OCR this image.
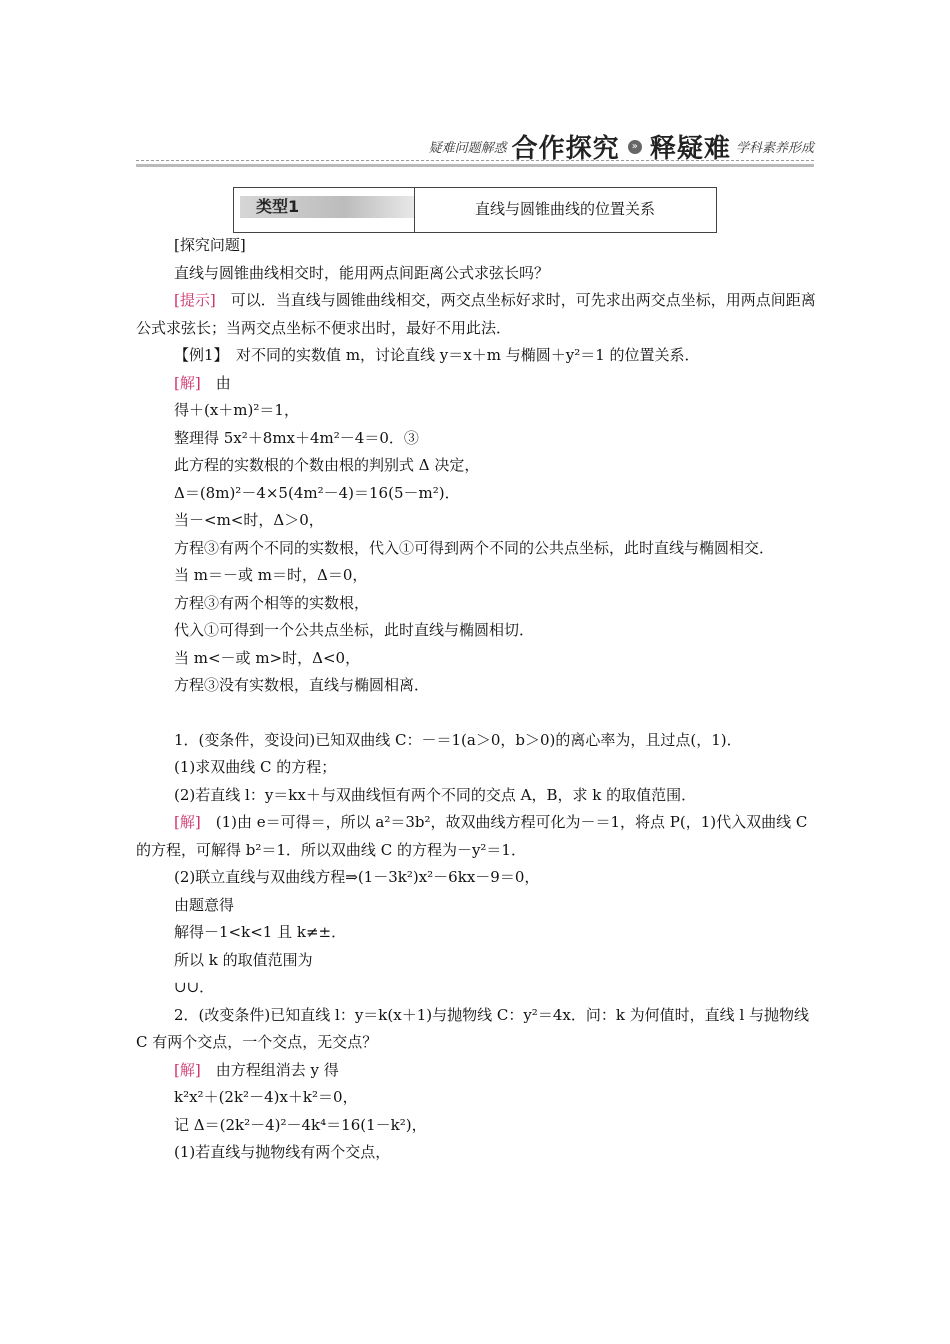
疑难问题解惑 合作探究 » 释疑难 学科素养形成
类型1	直线与圆锥曲线的位置关系

[探究问题]

直线与圆锥曲线相交时，能用两点间距离公式求弦长吗？

[提示]　可以．当直线与圆锥曲线相交，两交点坐标好求时，可先求出两交点坐标，用两点间距离公式求弦长；当两交点坐标不便求出时，最好不用此法．

【例1】　对不同的实数值 m，讨论直线 y＝x＋m 与椭圆＋y²＝1 的位置关系．

[解]　由

得＋(x＋m)²＝1，

整理得 5x²＋8mx＋4m²－4＝0．③

此方程的实数根的个数由根的判别式 Δ 决定，

Δ＝(8m)²－4×5(4m²－4)＝16(5－m²)．

当－<m<时，Δ＞0，

方程③有两个不同的实数根，代入①可得到两个不同的公共点坐标，此时直线与椭圆相交．

当 m＝－或 m＝时，Δ＝0，

方程③有两个相等的实数根，

代入①可得到一个公共点坐标，此时直线与椭圆相切．

当 m<－或 m>时，Δ<0，

方程③没有实数根，直线与椭圆相离．

1．(变条件，变设问)已知双曲线 C：－＝1(a＞0，b＞0)的离心率为，且过点(，1)．

(1)求双曲线 C 的方程；

(2)若直线 l：y＝kx＋与双曲线恒有两个不同的交点 A，B，求 k 的取值范围．

[解]　(1)由 e＝可得＝，所以 a²＝3b²，故双曲线方程可化为－＝1，将点 P(，1)代入双曲线 C 的方程，可解得 b²＝1．所以双曲线 C 的方程为－y²＝1．

(2)联立直线与双曲线方程⇒(1－3k²)x²－6kx－9＝0，

由题意得

解得－1<k<1 且 k≠±．

所以 k 的取值范围为

∪∪．

2．(改变条件)已知直线 l：y＝k(x＋1)与抛物线 C：y²＝4x．问：k 为何值时，直线 l 与抛物线 C 有两个交点，一个交点，无交点？

[解]　由方程组消去 y 得

k²x²＋(2k²－4)x＋k²＝0，

记 Δ＝(2k²－4)²－4k⁴＝16(1－k²)，

(1)若直线与抛物线有两个交点，
